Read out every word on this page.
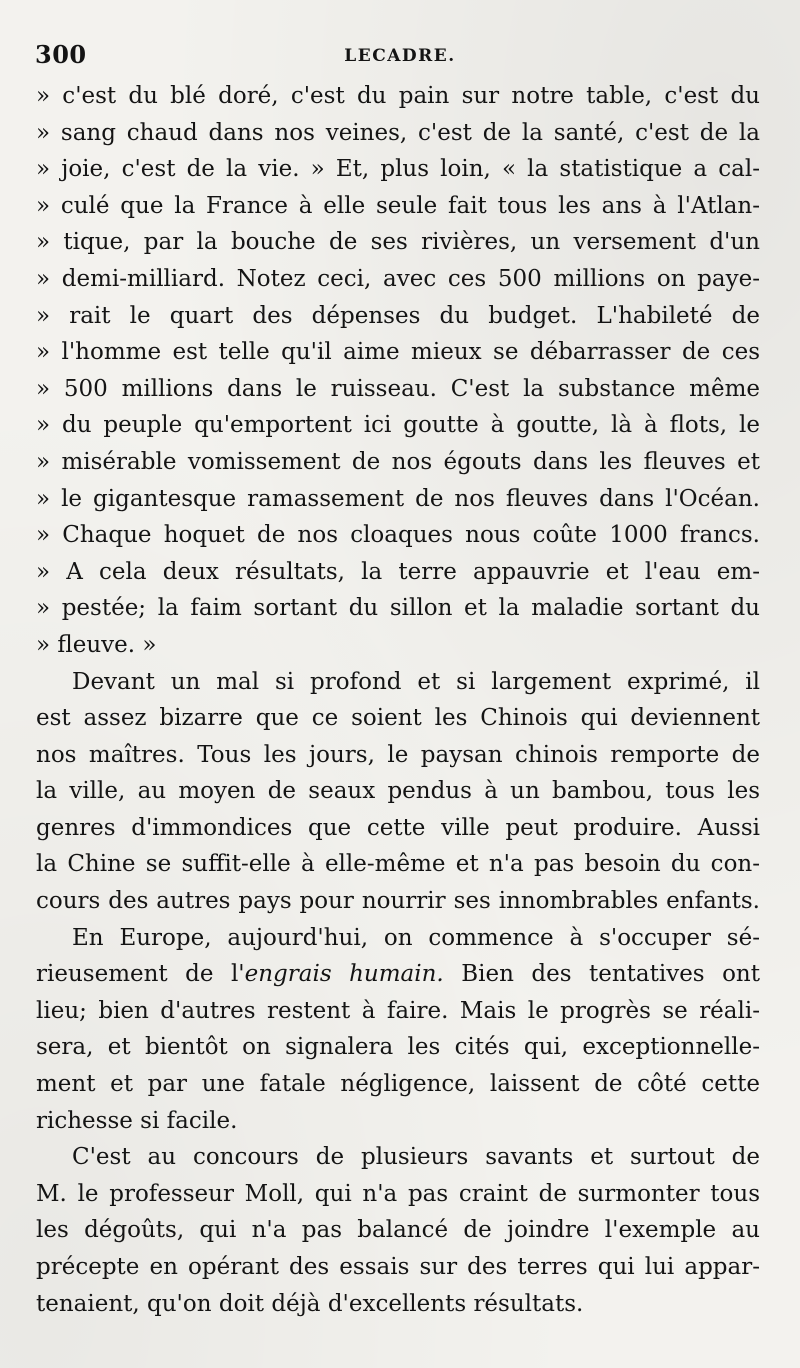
300	LECADRE.
» c'est du blé doré, c'est du pain sur notre table, c'est du
» sang chaud dans nos veines, c'est de la santé, c'est de la
» joie, c'est de la vie. » Et, plus loin, « la statistique a cal-
» culé que la France à elle seule fait tous les ans à l'Atlan-
» tique, par la bouche de ses rivières, un versement d'un
» demi-milliard. Notez ceci, avec ces 500 millions on paye-
» rait le quart des dépenses du budget. L'habileté de
» l'homme est telle qu'il aime mieux se débarrasser de ces
» 500 millions dans le ruisseau. C'est la substance même
» du peuple qu'emportent ici goutte à goutte, là à flots, le
» misérable vomissement de nos égouts dans les fleuves et
» le gigantesque ramassement de nos fleuves dans l'Océan.
» Chaque hoquet de nos cloaques nous coûte 1000 francs.
» A cela deux résultats, la terre appauvrie et l'eau em-
» pestée; la faim sortant du sillon et la maladie sortant du
» fleuve. »
Devant un mal si profond et si largement exprimé, il
est assez bizarre que ce soient les Chinois qui deviennent
nos maîtres. Tous les jours, le paysan chinois remporte de
la ville, au moyen de seaux pendus à un bambou, tous les
genres d'immondices que cette ville peut produire. Aussi
la Chine se suffit-elle à elle-même et n'a pas besoin du con-
cours des autres pays pour nourrir ses innombrables enfants.
En Europe, aujourd'hui, on commence à s'occuper sé-
rieusement de l'engrais humain. Bien des tentatives ont
lieu; bien d'autres restent à faire. Mais le progrès se réali-
sera, et bientôt on signalera les cités qui, exceptionnelle-
ment et par une fatale négligence, laissent de côté cette
richesse si facile.
C'est au concours de plusieurs savants et surtout de
M. le professeur Moll, qui n'a pas craint de surmonter tous
les dégoûts, qui n'a pas balancé de joindre l'exemple au
précepte en opérant des essais sur des terres qui lui appar-
tenaient, qu'on doit déjà d'excellents résultats.
